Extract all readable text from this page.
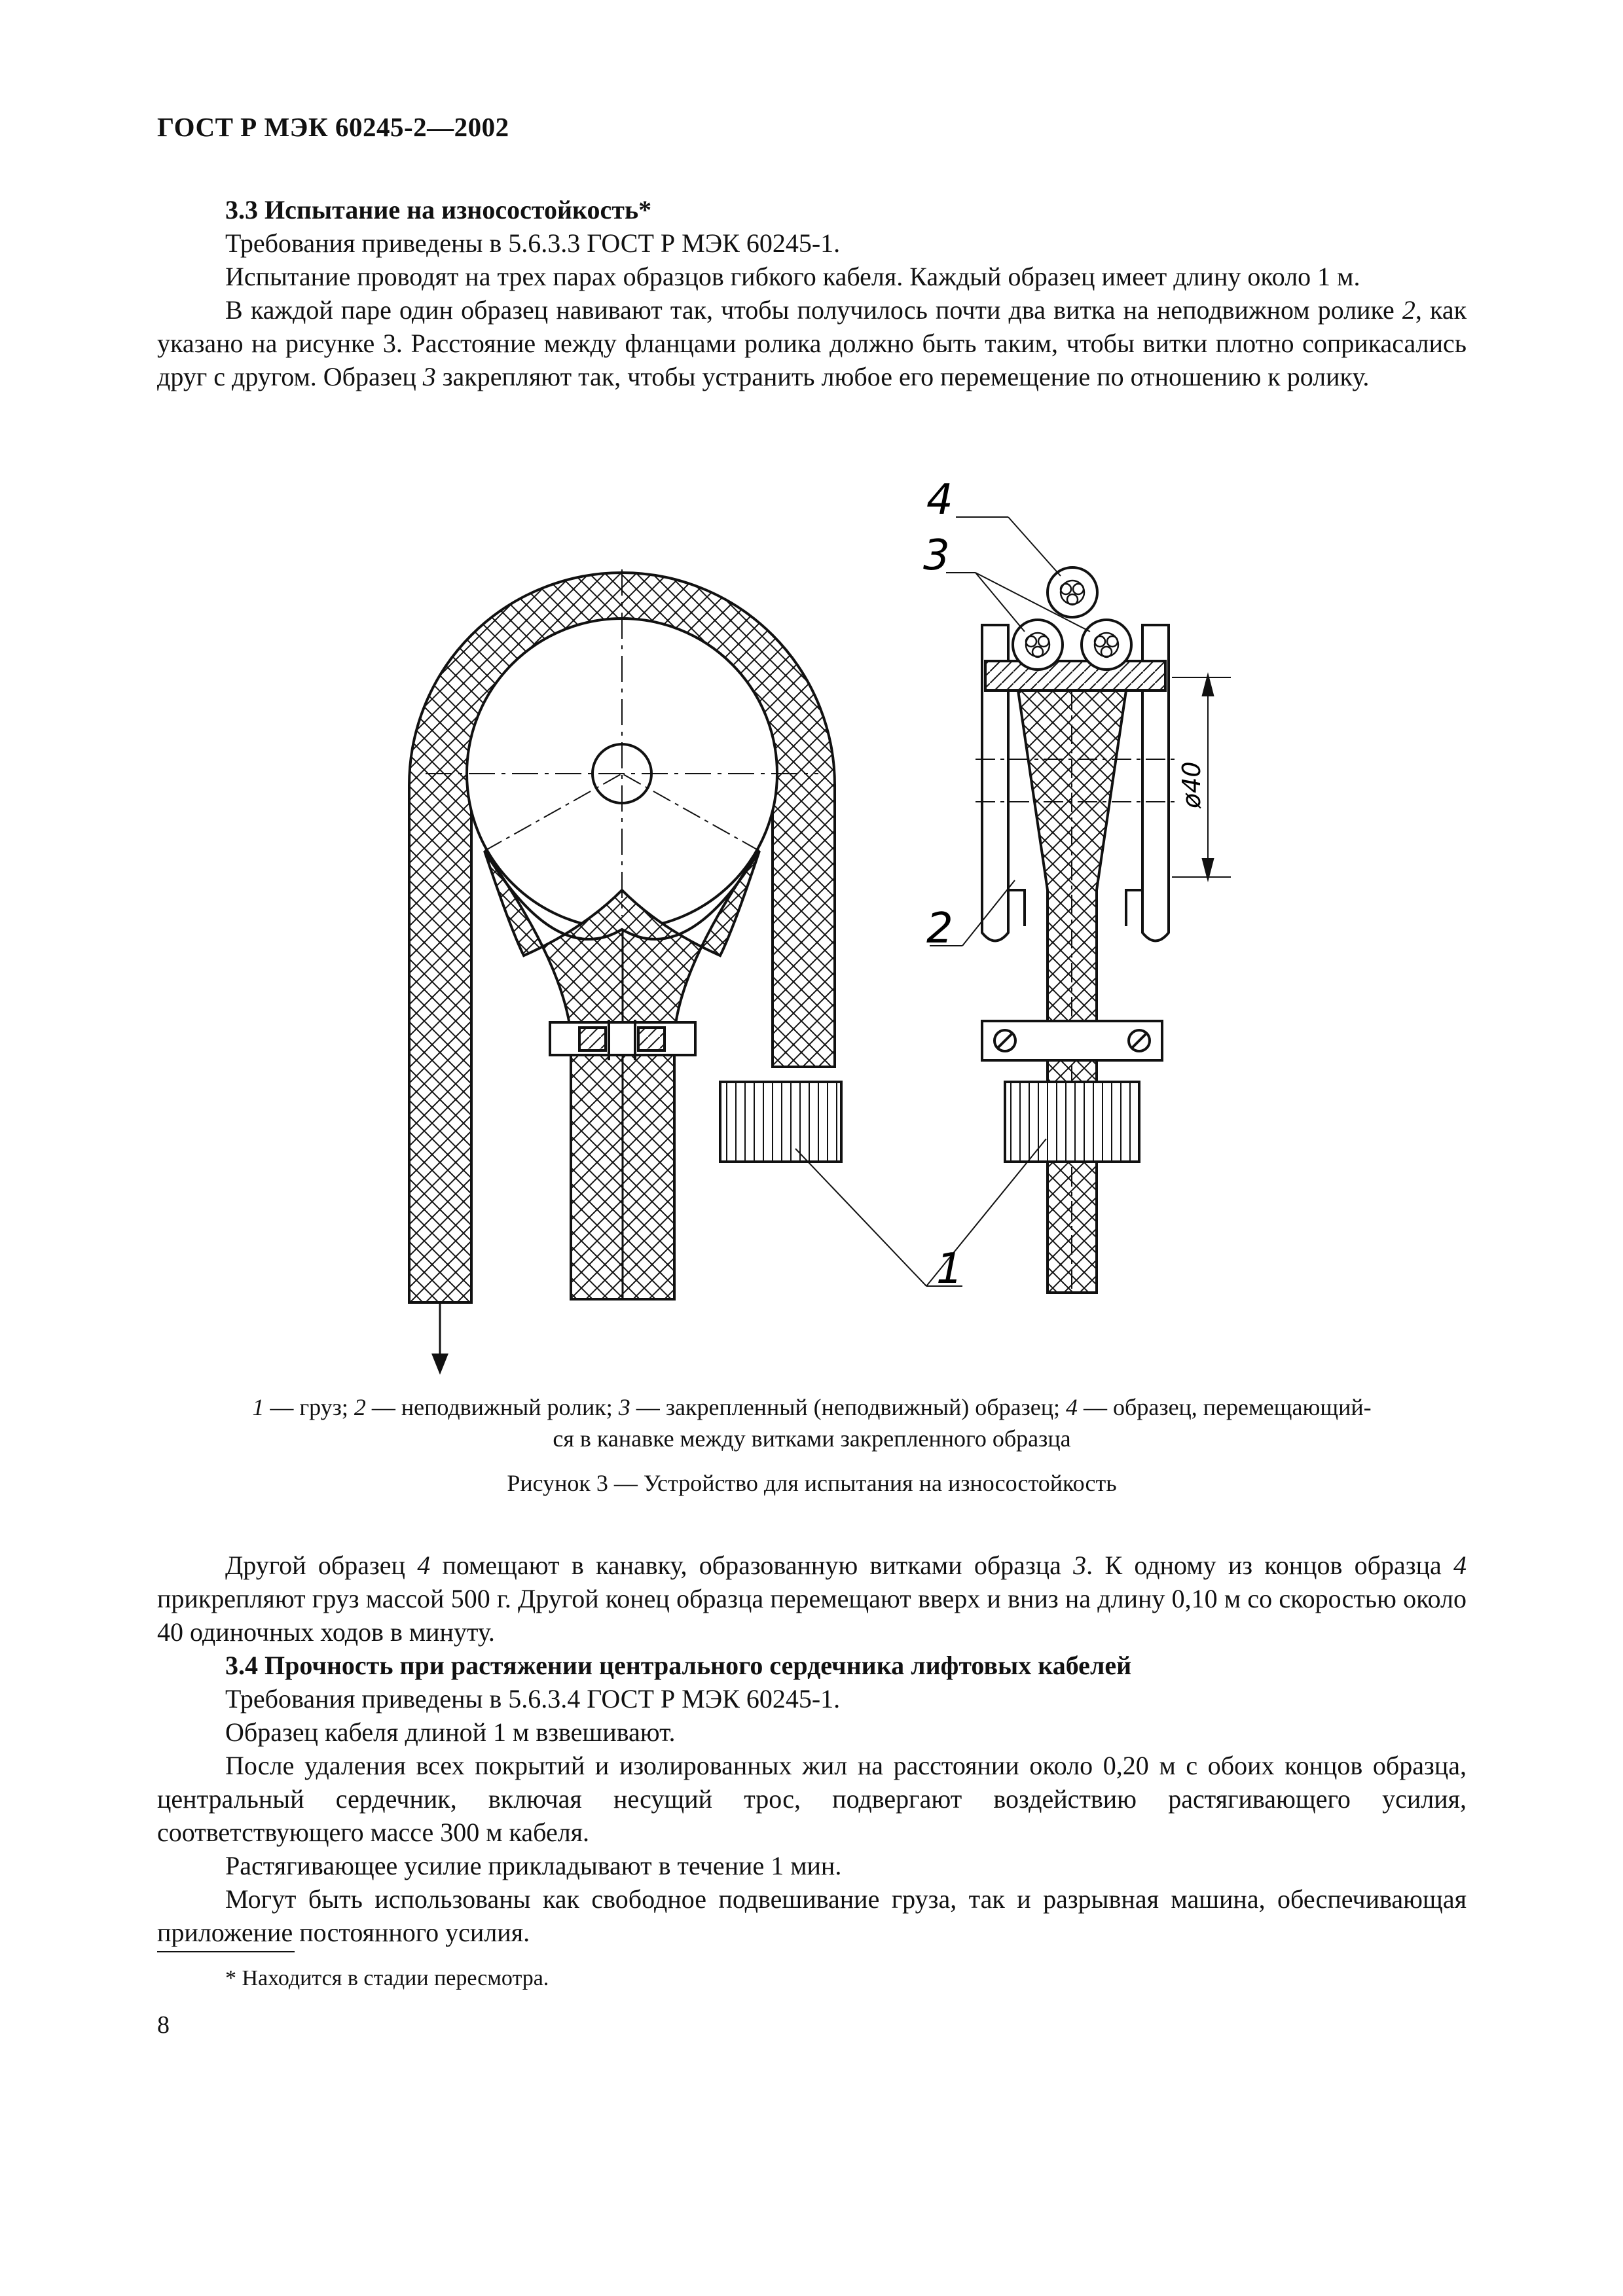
ГОСТ Р МЭК 60245-2—2002

3.3 Испытание на износостойкость*

Требования приведены в 5.6.3.3 ГОСТ Р МЭК 60245-1.

Испытание проводят на трех парах образцов гибкого кабеля. Каждый образец имеет длину около 1 м.

В каждой паре один образец навивают так, чтобы получилось почти два витка на неподвижном ролике 2, как указано на рисунке 3. Расстояние между фланцами ролика должно быть таким, чтобы витки плотно соприкасались друг с другом. Образец 3 закрепляют так, чтобы устранить любое его перемещение по отношению к ролику.

4
3
2
1
ø40
1 — груз; 2 — неподвижный ролик; 3 — закрепленный (неподвижный) образец; 4 — образец, перемещающий-
ся в канавке между витками закрепленного образца
Рисунок 3 — Устройство для испытания на износостойкость

Другой образец 4 помещают в канавку, образованную витками образца 3. К одному из концов образца 4 прикрепляют груз массой 500 г. Другой конец образца перемещают вверх и вниз на длину 0,10 м со скоростью около 40 одиночных ходов в минуту.

3.4 Прочность при растяжении центрального сердечника лифтовых кабелей

Требования приведены в 5.6.3.4 ГОСТ Р МЭК 60245-1.

Образец кабеля длиной 1 м взвешивают.

После удаления всех покрытий и изолированных жил на расстоянии около 0,20 м с обоих концов образца, центральный сердечник, включая несущий трос, подвергают воздействию растягивающего усилия, соответствующего массе 300 м кабеля.

Растягивающее усилие прикладывают в течение 1 мин.

Могут быть использованы как свободное подвешивание груза, так и разрывная машина, обеспечивающая приложение постоянного усилия.

* Находится в стадии пересмотра.
8
